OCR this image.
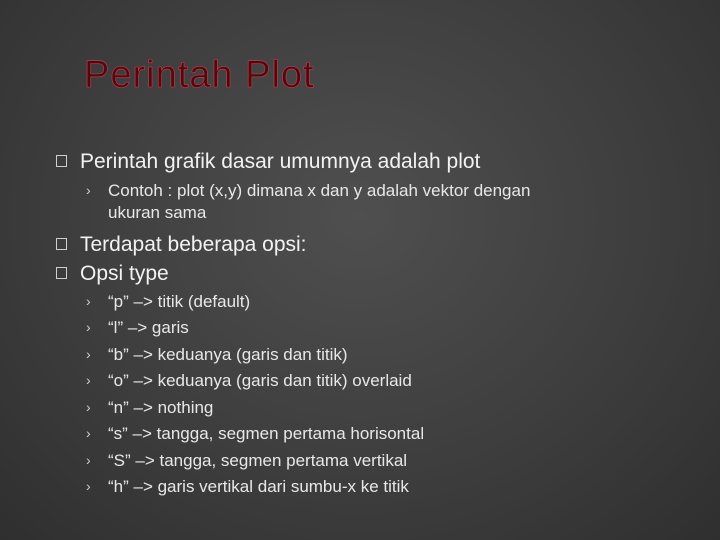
Perintah Plot
Perintah grafik dasar umumnya adalah plot
› Contoh : plot (x,y) dimana x dan y adalah vektor dengan
ukuran sama
Terdapat beberapa opsi:
Opsi type
› “p” –> titik (default)
› “l” –> garis
› “b” –> keduanya (garis dan titik)
› “o” –> keduanya (garis dan titik) overlaid
› “n” –> nothing
› “s” –> tangga, segmen pertama horisontal
› “S” –> tangga, segmen pertama vertikal
› “h” –> garis vertikal dari sumbu-x ke titik
